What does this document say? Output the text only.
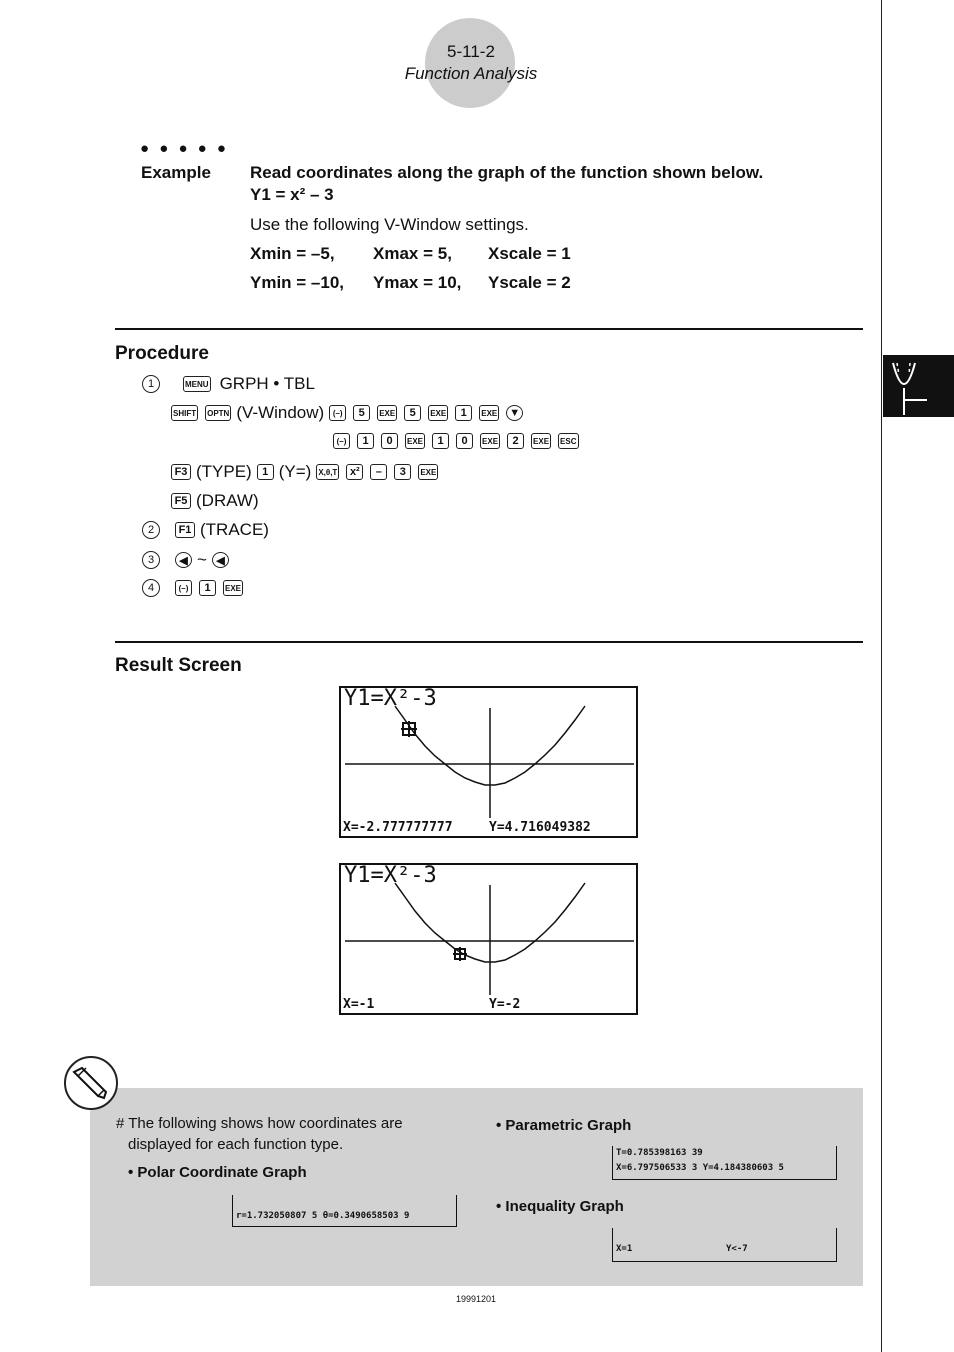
5-11-2
Function Analysis
● ● ● ● ●
Example Read coordinates along the graph of the function shown below.
Y1 = x² – 3
Use the following V-Window settings.
Xmin = –5, Xmax = 5, Xscale = 1
Ymin = –10, Ymax = 10, Yscale = 2
Procedure
1	MENU GRPH • TBL
SHIFT OPTN (V-Window)	(–)	5	EXE	5	EXE	1	EXE ▼
(–)	1	0	EXE	1	0	EXE	2	EXE ESC
F3 (TYPE) 1 (Y=) X,θ,T	x²	–	3	EXE
F5 (DRAW)
2	F1 (TRACE)
3	◀ ~ ◀
4	(–)	1	EXE
Result Screen
Y1=X²-3
X=-2.777777777	Y=4.716049382
Y1=X²-3
X=-1	Y=-2
# The following shows how coordinates are
displayed for each function type.
• Polar Coordinate Graph
r=1.732050807 5 θ=0.3490658503 9
• Parametric Graph
T=0.785398163 39
X=6.797506533 3 Y=4.184380603 5
• Inequality Graph
X=1	Y<-7
19991201
